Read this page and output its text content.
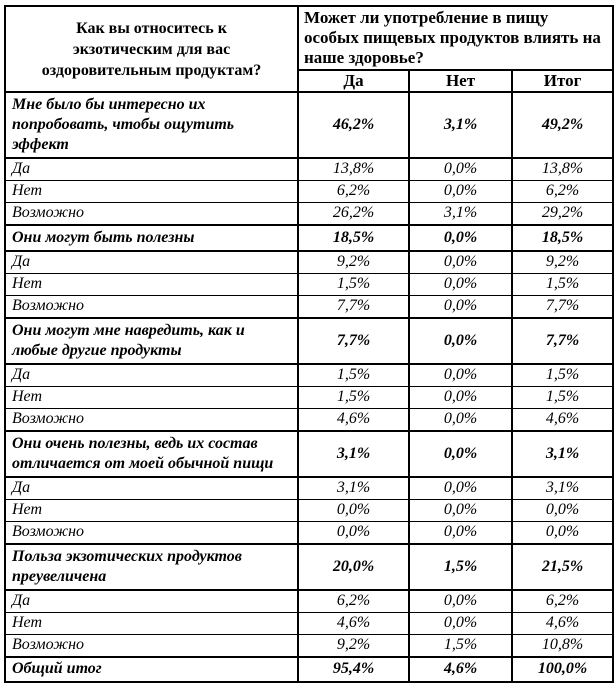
Как вы относитесь к экзотическим для вас оздоровительным продуктам?	Может ли употребление в пищу особых пищевых продуктов влиять на наше здоровье?		
	Да	Нет	Итог
Мне было бы интересно их попробовать, чтобы ощутить эффект	46,2%	3,1%	49,2%
Да	13,8%	0,0%	13,8%
Нет	6,2%	0,0%	6,2%
Возможно	26,2%	3,1%	29,2%
Они могут быть полезны	18,5%	0,0%	18,5%
Да	9,2%	0,0%	9,2%
Нет	1,5%	0,0%	1,5%
Возможно	7,7%	0,0%	7,7%
Они могут мне навредить, как и любые другие продукты	7,7%	0,0%	7,7%
Да	1,5%	0,0%	1,5%
Нет	1,5%	0,0%	1,5%
Возможно	4,6%	0,0%	4,6%
Они очень полезны, ведь их состав отличается от моей обычной пищи	3,1%	0,0%	3,1%
Да	3,1%	0,0%	3,1%
Нет	0,0%	0,0%	0,0%
Возможно	0,0%	0,0%	0,0%
Польза экзотических продуктов преувеличена	20,0%	1,5%	21,5%
Да	6,2%	0,0%	6,2%
Нет	4,6%	0,0%	4,6%
Возможно	9,2%	1,5%	10,8%
Общий итог	95,4%	4,6%	100,0%
